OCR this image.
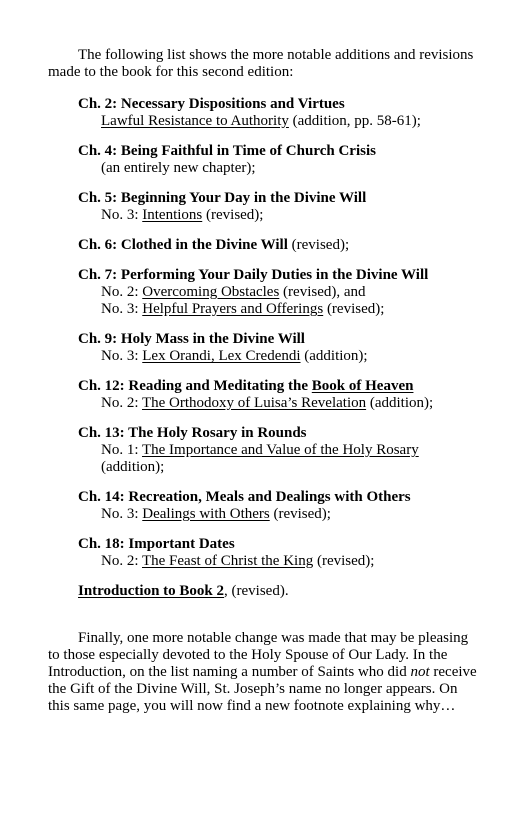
The following list shows the more notable additions and revisions made to the book for this second edition:

Ch. 2: Necessary Dispositions and Virtues
Lawful Resistance to Authority (addition, pp. 58-61);
Ch. 4: Being Faithful in Time of Church Crisis
(an entirely new chapter);
Ch. 5: Beginning Your Day in the Divine Will
No. 3: Intentions (revised);
Ch. 6: Clothed in the Divine Will (revised);
Ch. 7: Performing Your Daily Duties in the Divine Will
No. 2: Overcoming Obstacles (revised), and
No. 3: Helpful Prayers and Offerings (revised);
Ch. 9: Holy Mass in the Divine Will
No. 3: Lex Orandi, Lex Credendi (addition);
Ch. 12: Reading and Meditating the Book of Heaven
No. 2: The Orthodoxy of Luisa’s Revelation (addition);
Ch. 13: The Holy Rosary in Rounds
No. 1: The Importance and Value of the Holy Rosary
(addition);
Ch. 14: Recreation, Meals and Dealings with Others
No. 3: Dealings with Others (revised);
Ch. 18: Important Dates
No. 2: The Feast of Christ the King (revised);
Introduction to Book 2, (revised).

Finally, one more notable change was made that may be pleasing to those especially devoted to the Holy Spouse of Our Lady. In the Introduction, on the list naming a number of Saints who did not receive the Gift of the Divine Will, St. Joseph’s name no longer appears. On this same page, you will now find a new footnote explaining why…
